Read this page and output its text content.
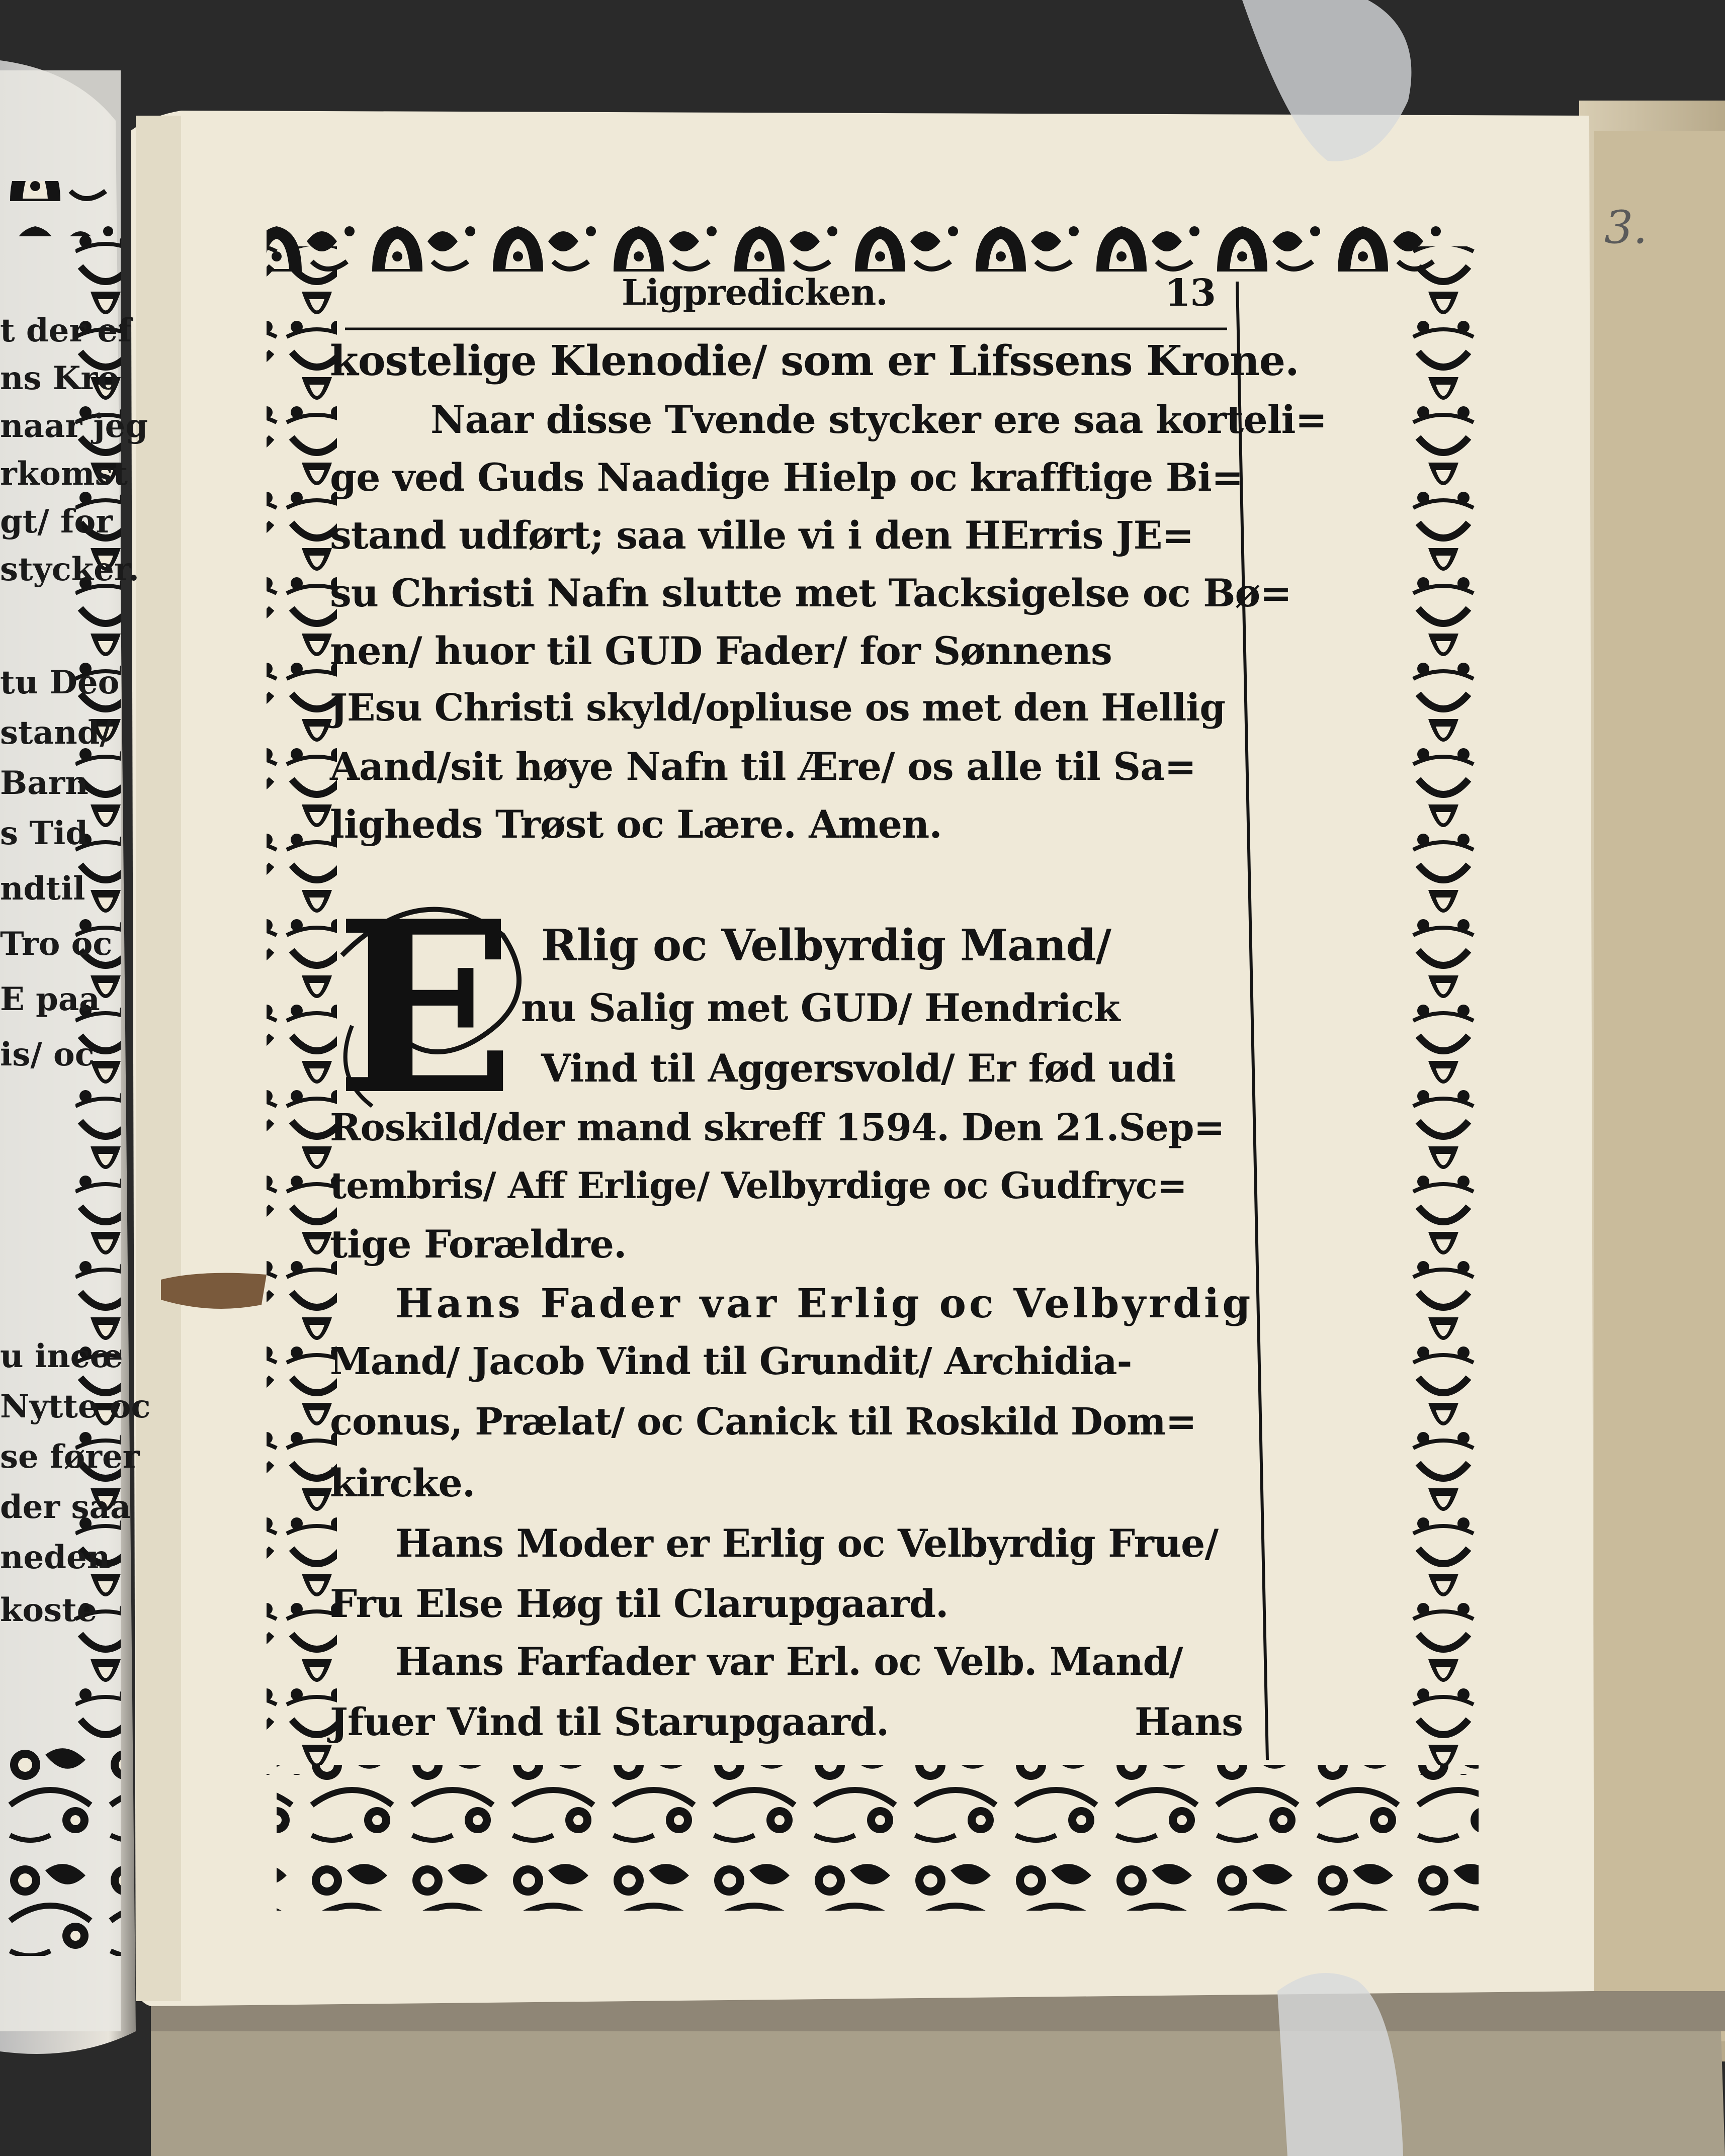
t der ef
ns Kro
naar jeg
rkomst
gt/ for
stycker.
tu Deo
stand/
Barn
s Tid
ndtil
Tro oc
E paa
is/ oc
u incœ
Nytte oc
se fører
der saa
neden
koste
3.
Ligpredicken.	13
kostelige Klenodie/ som er Lifssens Krone.
Naar disse Tvende stycker ere saa korteli=
ge ved Guds Naadige Hielp oc krafftige Bi=
stand udført; saa ville vi i den HErris JE=
su Christi Nafn slutte met Tacksigelse oc Bø=
nen/ huor til GUD Fader/ for Sønnens
JEsu Christi skyld/opliuse os met den Hellig
Aand/sit høye Nafn til Ære/ os alle til Sa=
ligheds Trøst oc Lære. Amen.
E Rlig oc Velbyrdig Mand/
nu Salig met GUD/ Hendrick
Vind til Aggersvold/ Er fød udi
Roskild/der mand skreff 1594. Den 21.Sep=
tembris/ Aff Erlige/ Velbyrdige oc Gudfryc=
tige Forældre.
Hans Fader var Erlig oc Velbyrdig
Mand/ Jacob Vind til Grundit/ Archidia-
conus, Prælat/ oc Canick til Roskild Dom=
kircke.
Hans Moder er Erlig oc Velbyrdig Frue/
Fru Else Høg til Clarupgaard.
Hans Farfader var Erl. oc Velb. Mand/
Jfuer Vind til Starupgaard.	Hans
